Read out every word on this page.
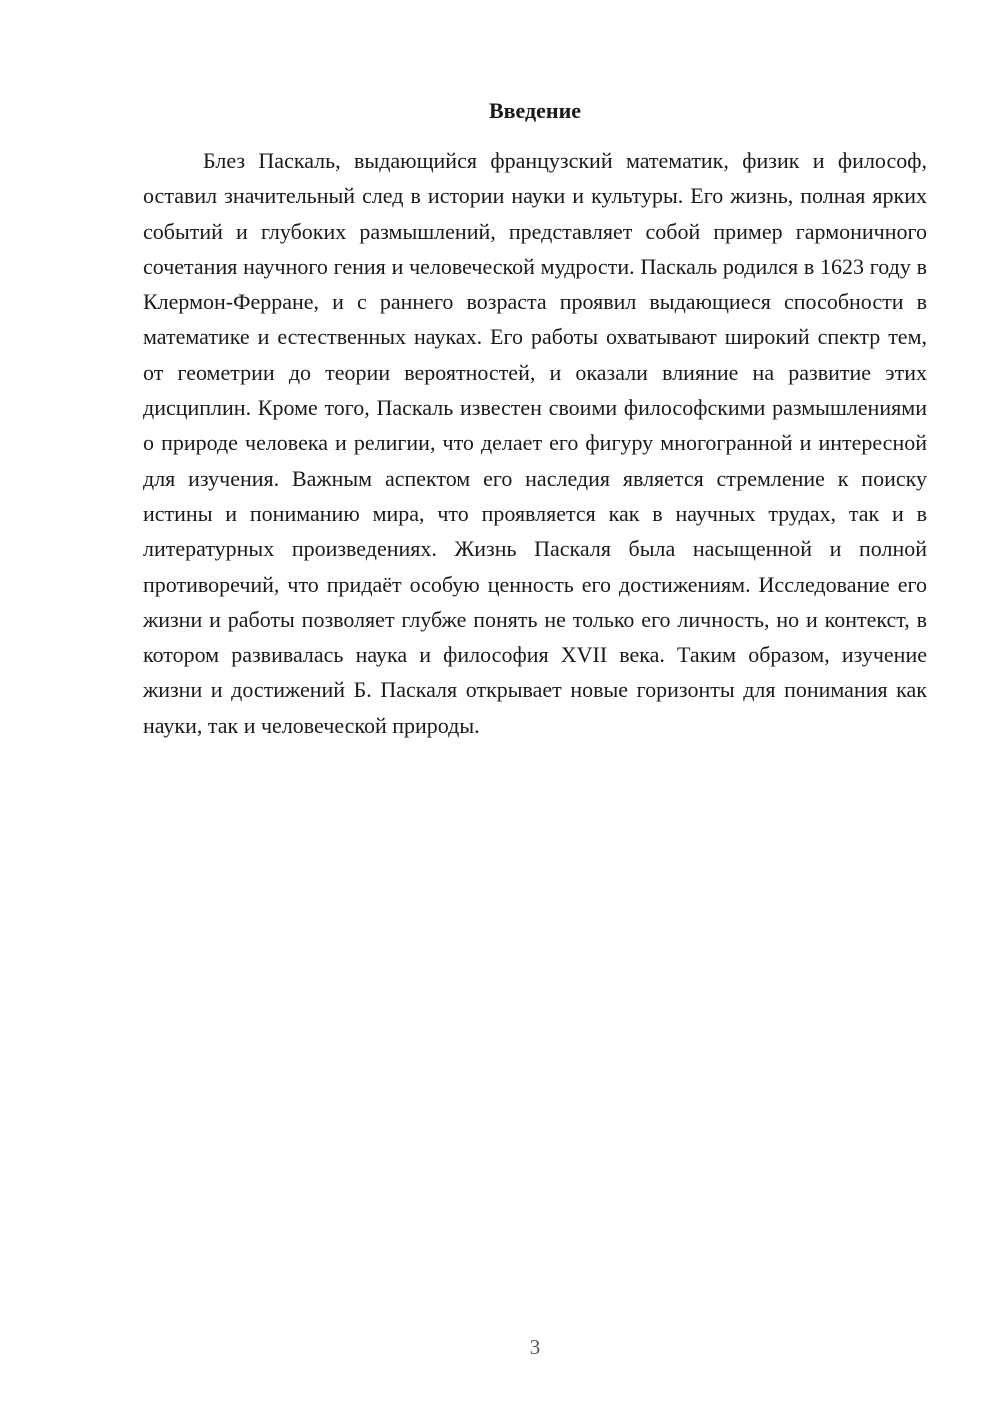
Введение

Блез Паскаль, выдающийся французский математик, физик и философ, оставил значительный след в истории науки и культуры. Его жизнь, полная ярких событий и глубоких размышлений, представляет собой пример гармоничного сочетания научного гения и человеческой мудрости. Паскаль родился в 1623 году в Клермон-Ферране, и с раннего возраста проявил выдающиеся способности в математике и естественных науках. Его работы охватывают широкий спектр тем, от геометрии до теории вероятностей, и оказали влияние на развитие этих дисциплин. Кроме того, Паскаль известен своими философскими размышлениями о природе человека и религии, что делает его фигуру многогранной и интересной для изучения. Важным аспектом его наследия является стремление к поиску истины и пониманию мира, что проявляется как в научных трудах, так и в литературных произведениях. Жизнь Паскаля была насыщенной и полной противоречий, что придаёт особую ценность его достижениям. Исследование его жизни и работы позволяет глубже понять не только его личность, но и контекст, в котором развивалась наука и философия XVII века. Таким образом, изучение жизни и достижений Б. Паскаля открывает новые горизонты для понимания как науки, так и человеческой природы.

3
